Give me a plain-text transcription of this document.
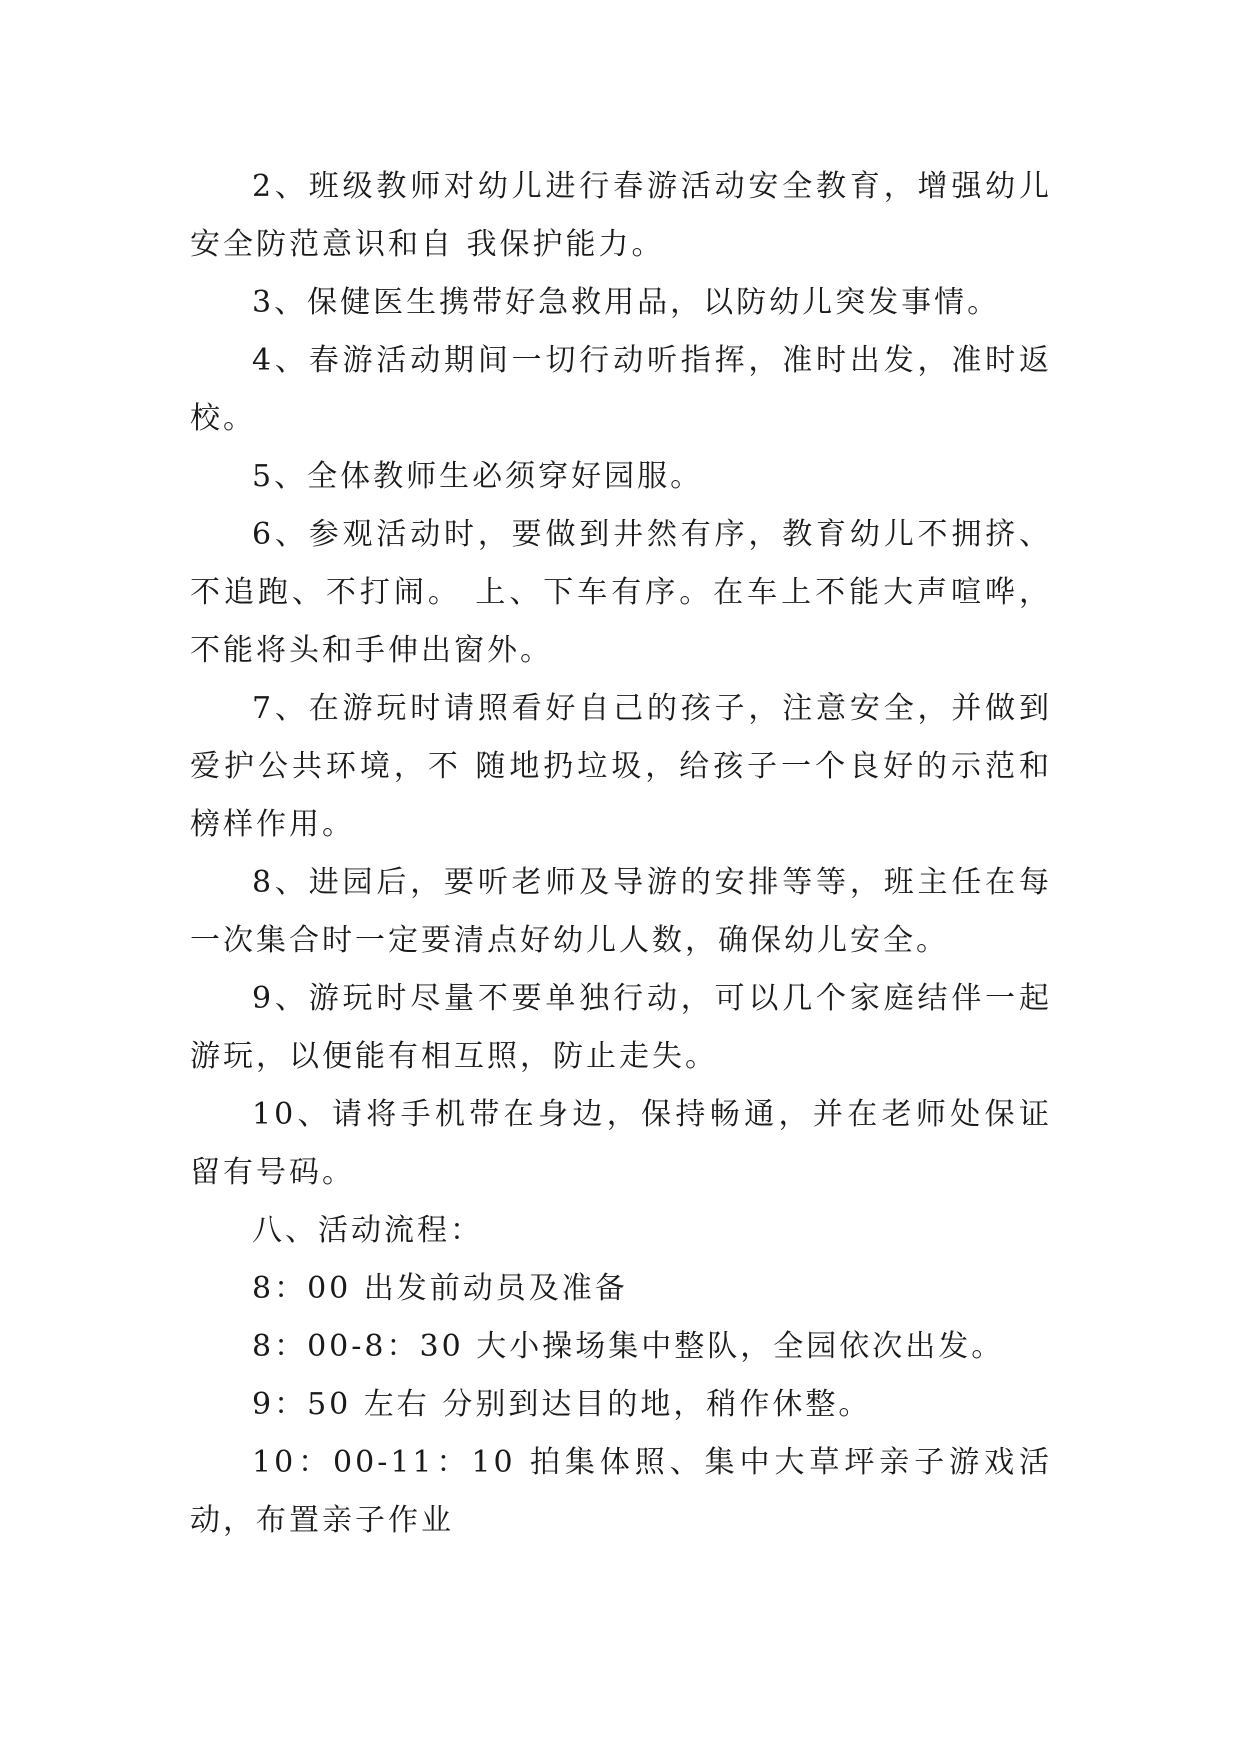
2、班级教师对幼儿进行春游活动安全教育，增强幼儿安全防范意识和自 我保护能力。

3、保健医生携带好急救用品，以防幼儿突发事情。

4、春游活动期间一切行动听指挥，准时出发，准时返校。

5、全体教师生必须穿好园服。

6、参观活动时，要做到井然有序，教育幼儿不拥挤、不追跑、不打闹。 上、下车有序。在车上不能大声喧哗，不能将头和手伸出窗外。

7、在游玩时请照看好自己的孩子，注意安全，并做到爱护公共环境，不 随地扔垃圾，给孩子一个良好的示范和榜样作用。

8、进园后，要听老师及导游的安排等等，班主任在每一次集合时一定要清点好幼儿人数，确保幼儿安全。

9、游玩时尽量不要单独行动，可以几个家庭结伴一起游玩，以便能有相互照，防止走失。

10、请将手机带在身边，保持畅通，并在老师处保证留有号码。

八、活动流程：

8：00 出发前动员及准备

8：00-8：30 大小操场集中整队，全园依次出发。

9：50 左右 分别到达目的地，稍作休整。

10：00-11：10 拍集体照、集中大草坪亲子游戏活动，布置亲子作业
